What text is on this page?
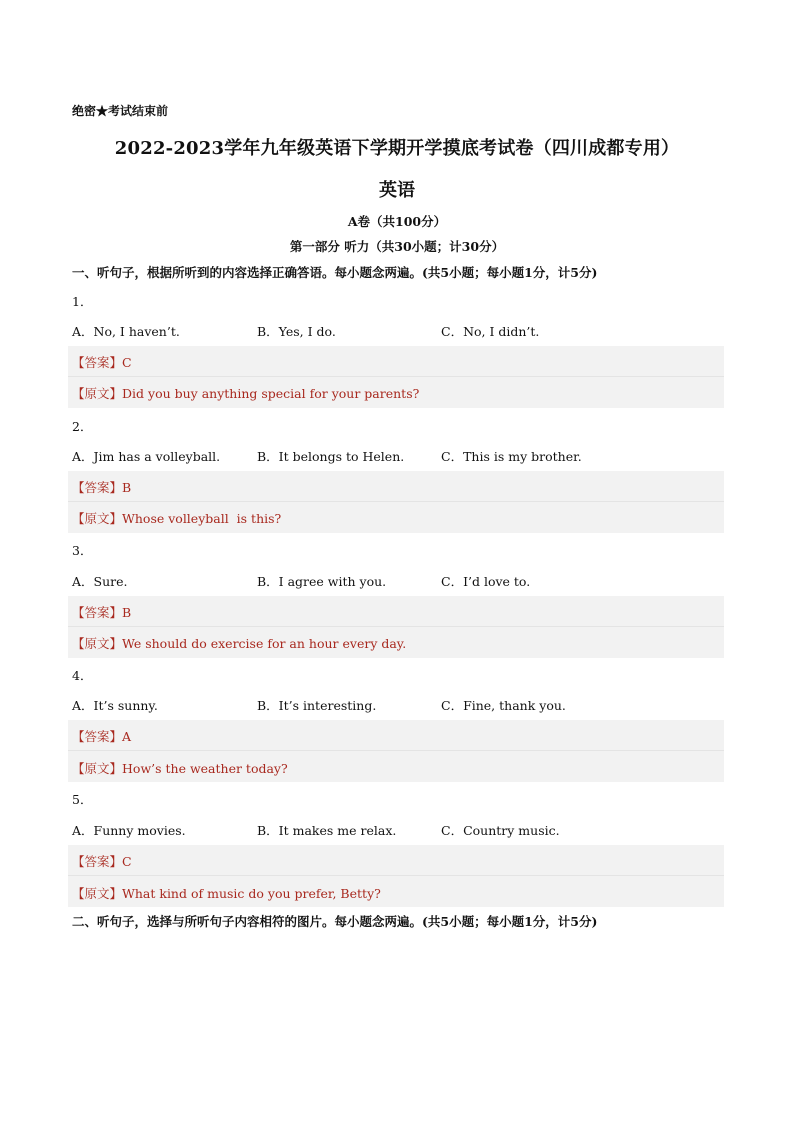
绝密★考试结束前
2022-2023学年九年级英语下学期开学摸底考试卷（四川成都专用）
英语
A卷（共100分）
第一部分 听力（共30小题；计30分）
一、听句子，根据所听到的内容选择正确答语。每小题念两遍。(共5小题；每小题1分，计5分)
1．
A．No, I haven’t.	B．Yes, I do.	C．No, I didn’t.
【答案】C
【原文】Did you buy anything special for your parents?
2．
A．Jim has a volleyball.	B．It belongs to Helen.	C．This is my brother.
【答案】B
【原文】Whose volleyball  is this?
3．
A．Sure.	B．I agree with you.	C．I’d love to.
【答案】B
【原文】We should do exercise for an hour every day.
4．
A．It’s sunny.	B．It’s interesting.	C．Fine, thank you.
【答案】A
【原文】How’s the weather today?
5．
A．Funny movies.	B．It makes me relax.	C．Country music.
【答案】C
【原文】What kind of music do you prefer, Betty?
二、听句子，选择与所听句子内容相符的图片。每小题念两遍。(共5小题；每小题1分，计5分)
